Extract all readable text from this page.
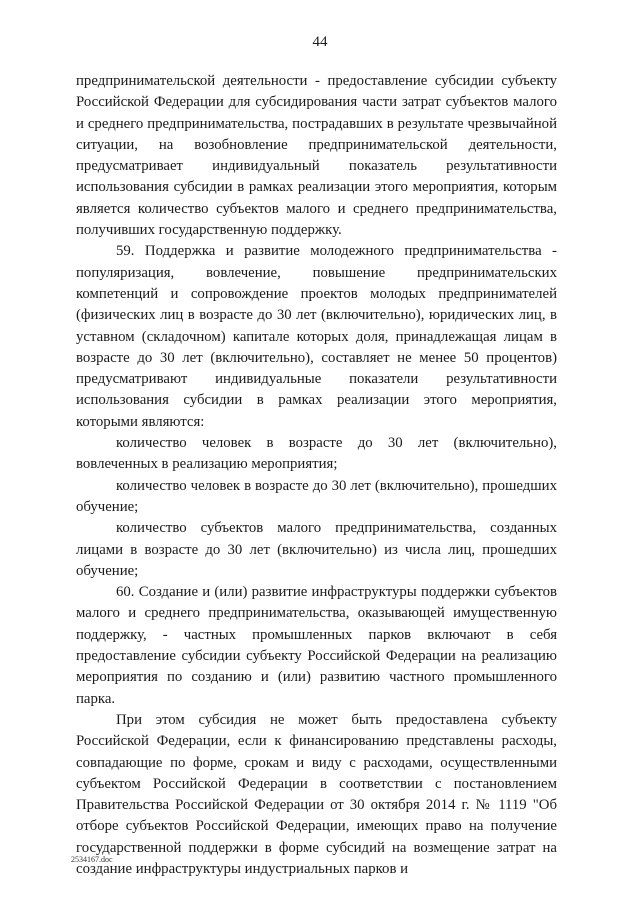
44

предпринимательской деятельности - предоставление субсидии субъекту Российской Федерации для субсидирования части затрат субъектов малого и среднего предпринимательства, пострадавших в результате чрезвычайной ситуации, на возобновление предпринимательской деятельности, предусматривает индивидуальный показатель результативности использования субсидии в рамках реализации этого мероприятия, которым является количество субъектов малого и среднего предпринимательства, получивших государственную поддержку.

59. Поддержка и развитие молодежного предпринимательства - популяризация, вовлечение, повышение предпринимательских компетенций и сопровождение проектов молодых предпринимателей (физических лиц в возрасте до 30 лет (включительно), юридических лиц, в уставном (складочном) капитале которых доля, принадлежащая лицам в возрасте до 30 лет (включительно), составляет не менее 50 процентов) предусматривают индивидуальные показатели результативности использования субсидии в рамках реализации этого мероприятия, которыми являются:

количество человек в возрасте до 30 лет (включительно), вовлеченных в реализацию мероприятия;

количество человек в возрасте до 30 лет (включительно), прошедших обучение;

количество субъектов малого предпринимательства, созданных лицами в возрасте до 30 лет (включительно) из числа лиц, прошедших обучение;

60. Создание и (или) развитие инфраструктуры поддержки субъектов малого и среднего предпринимательства, оказывающей имущественную поддержку, - частных промышленных парков включают в себя предоставление субсидии субъекту Российской Федерации на реализацию мероприятия по созданию и (или) развитию частного промышленного парка.

При этом субсидия не может быть предоставлена субъекту Российской Федерации, если к финансированию представлены расходы, совпадающие по форме, срокам и виду с расходами, осуществленными субъектом Российской Федерации в соответствии с постановлением Правительства Российской Федерации от 30 октября 2014 г. № 1119 "Об отборе субъектов Российской Федерации, имеющих право на получение государственной поддержки в форме субсидий на возмещение затрат на создание инфраструктуры индустриальных парков и

2534167.doc
